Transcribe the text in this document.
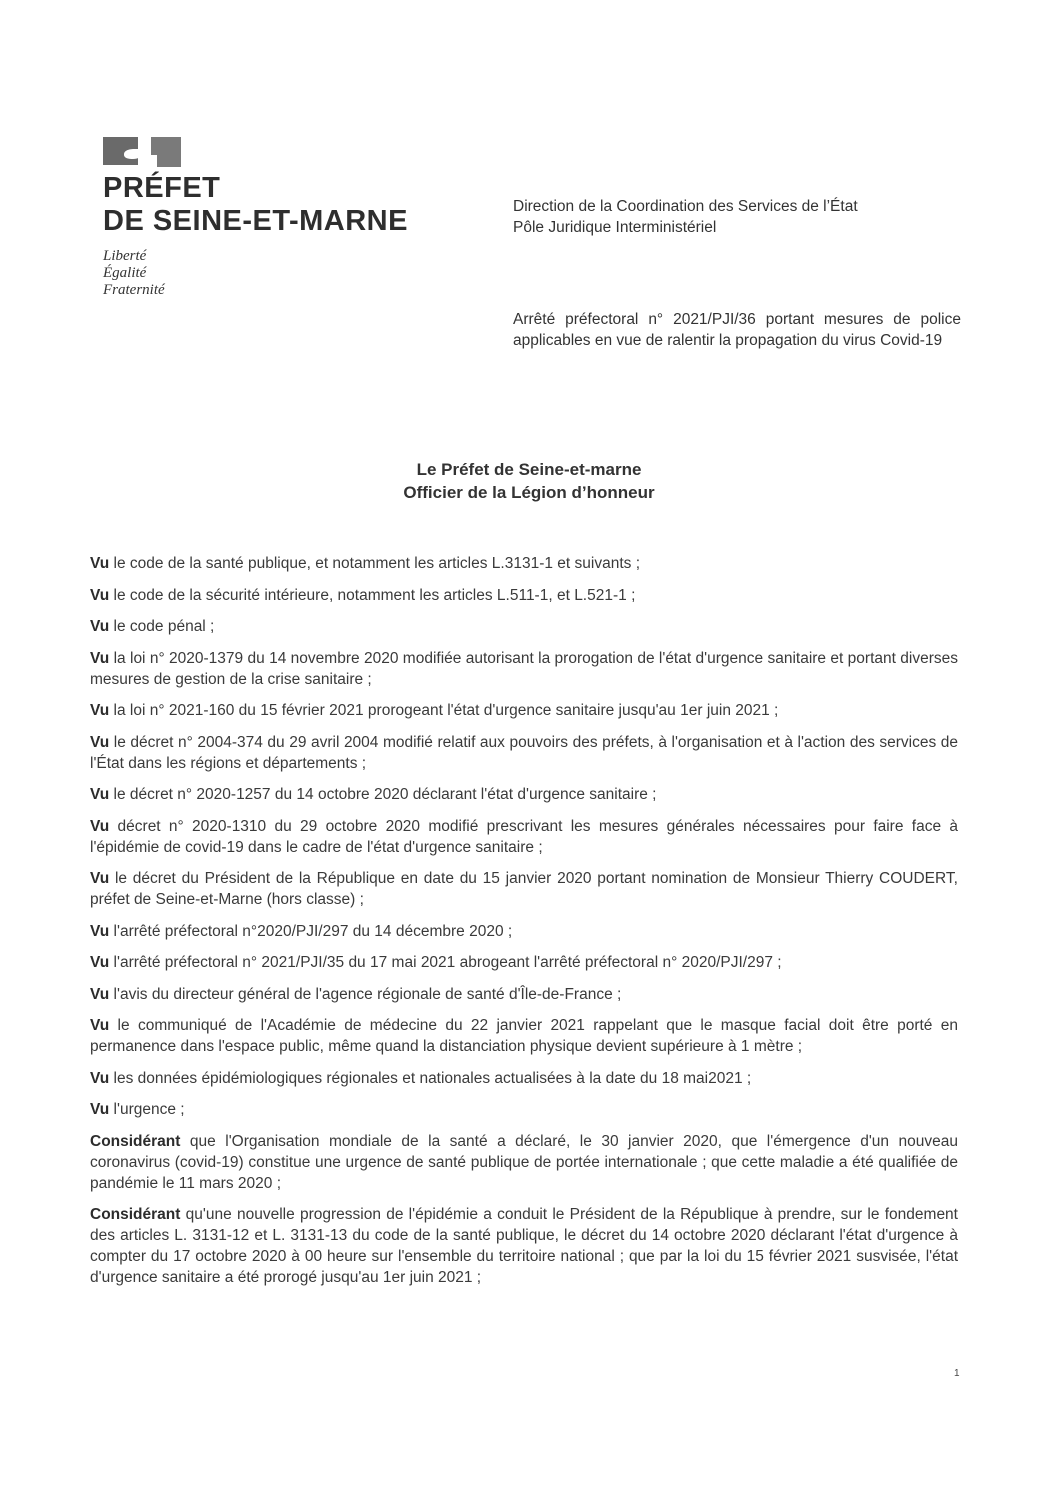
PRÉFET
DE SEINE-ET-MARNE
Liberté
Égalité
Fraternité
Direction de la Coordination des Services de l’État
Pôle Juridique Interministériel
Arrêté préfectoral n° 2021/PJI/36 portant mesures de police applicables en vue de ralentir la propagation du virus Covid-19
Le Préfet de Seine-et-marne
Officier de la Légion d’honneur

Vu le code de la santé publique, et notamment les articles L.3131-1 et suivants ;

Vu le code de la sécurité intérieure, notamment les articles L.511-1, et L.521-1 ;

Vu le code pénal ;

Vu la loi n° 2020-1379 du 14 novembre 2020 modifiée autorisant la prorogation de l'état d'urgence sanitaire et portant diverses mesures de gestion de la crise sanitaire ;

Vu la loi n° 2021-160 du 15 février 2021 prorogeant l'état d'urgence sanitaire jusqu'au 1er juin 2021 ;

Vu le décret n° 2004-374 du 29 avril 2004 modifié relatif aux pouvoirs des préfets, à l'organisation et à l'action des services de l'État dans les régions et départements ;

Vu le décret n° 2020-1257 du 14 octobre 2020 déclarant l'état d'urgence sanitaire ;

Vu décret n° 2020-1310 du 29 octobre 2020 modifié prescrivant les mesures générales nécessaires pour faire face à l'épidémie de covid-19 dans le cadre de l'état d'urgence sanitaire ;

Vu le décret du Président de la République en date du 15 janvier 2020 portant nomination de Monsieur Thierry COUDERT, préfet de Seine-et-Marne (hors classe) ;

Vu l'arrêté préfectoral n°2020/PJI/297 du 14 décembre 2020 ;

Vu l'arrêté préfectoral n° 2021/PJI/35 du 17 mai 2021 abrogeant l'arrêté préfectoral n° 2020/PJI/297 ;

Vu l'avis du directeur général de l'agence régionale de santé d'Île-de-France ;

Vu le communiqué de l'Académie de médecine du 22 janvier 2021 rappelant que le masque facial doit être porté en permanence dans l'espace public, même quand la distanciation physique devient supérieure à 1 mètre ;

Vu les données épidémiologiques régionales et nationales actualisées à la date du 18 mai2021 ;

Vu l'urgence ;

Considérant que l'Organisation mondiale de la santé a déclaré, le 30 janvier 2020, que l'émergence d'un nouveau coronavirus (covid-19) constitue une urgence de santé publique de portée internationale ; que cette maladie a été qualifiée de pandémie le 11 mars 2020 ;

Considérant qu'une nouvelle progression de l'épidémie a conduit le Président de la République à prendre, sur le fondement des articles L. 3131-12 et L. 3131-13 du code de la santé publique, le décret du 14 octobre 2020 déclarant l'état d'urgence à compter du 17 octobre 2020 à 00 heure sur l'ensemble du territoire national ; que par la loi du 15 février 2021 susvisée, l'état d'urgence sanitaire a été prorogé jusqu'au 1er juin 2021 ;

1
